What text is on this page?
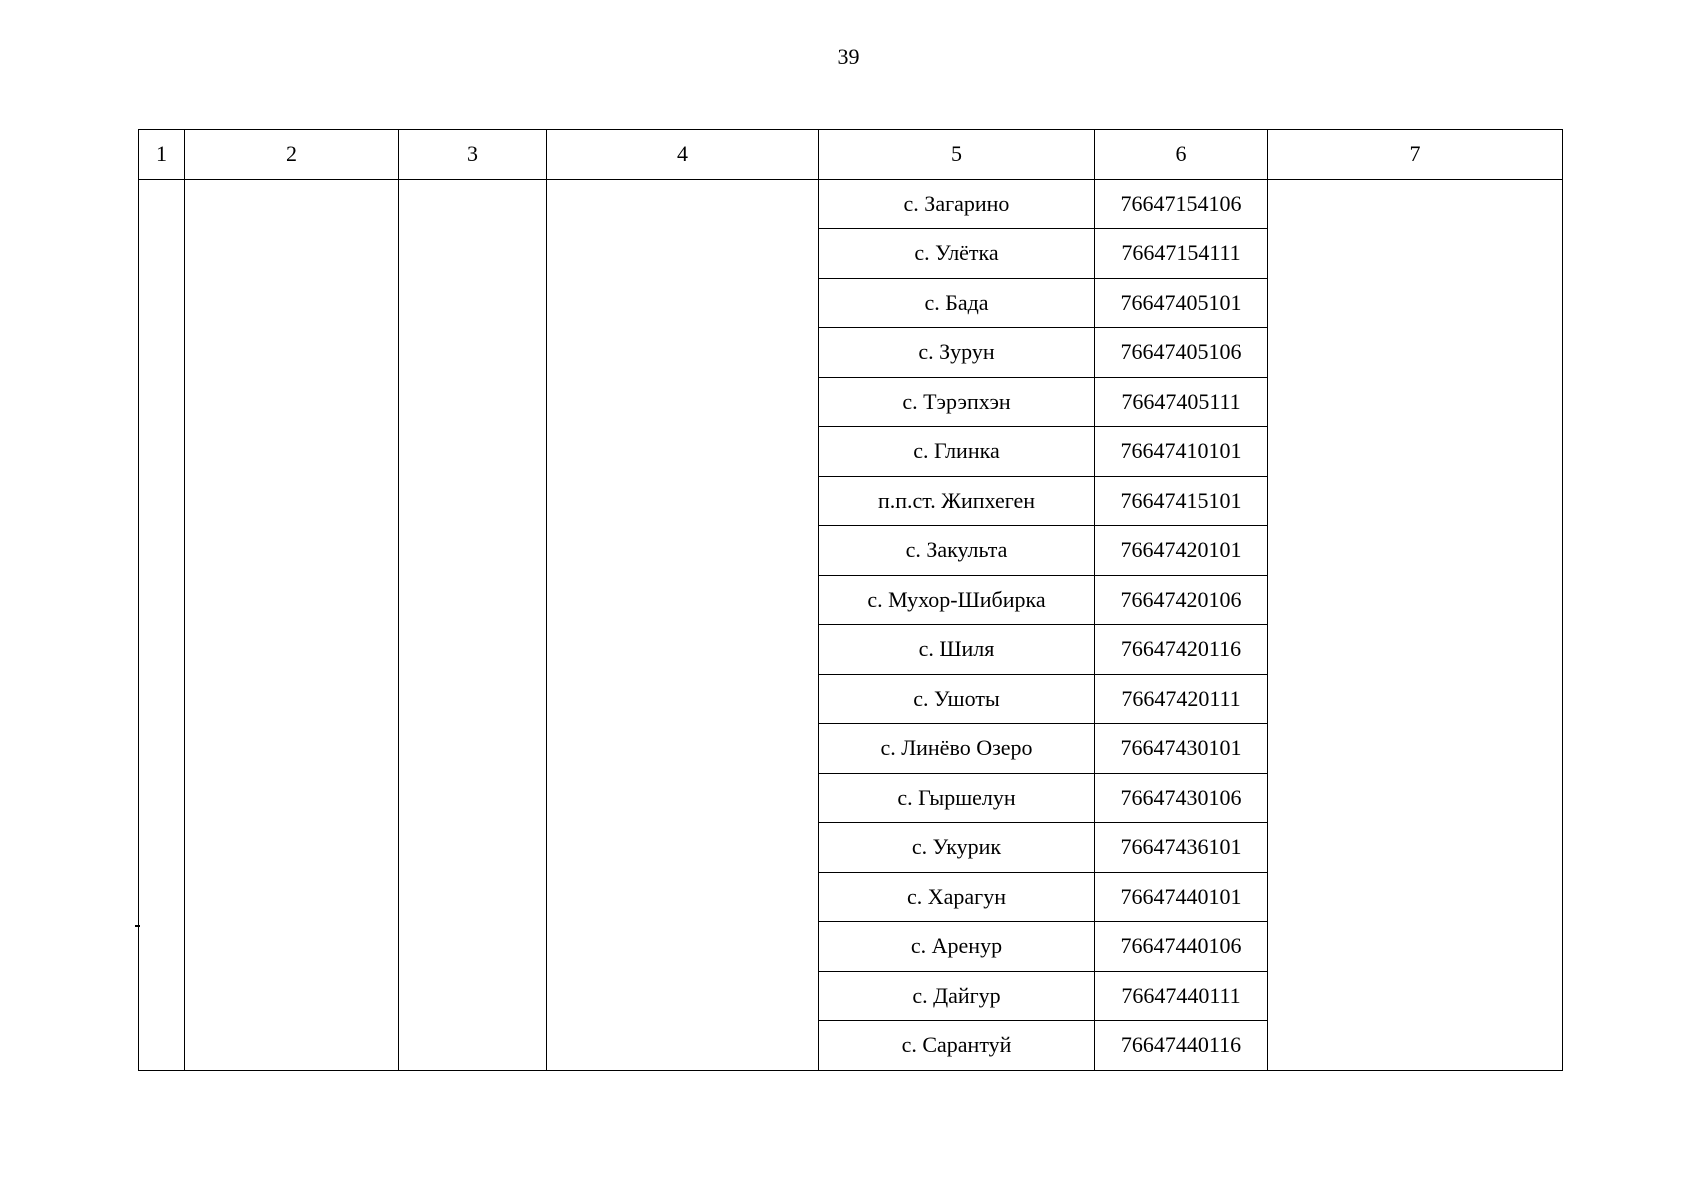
39
1	2	3	4	5	6	7
				с. Загарино	76647154106	
				с. Улётка	76647154111	
				с. Бада	76647405101	
				с. Зурун	76647405106	
				с. Тэрэпхэн	76647405111	
				с. Глинка	76647410101	
				п.п.ст. Жипхеген	76647415101	
				с. Закульта	76647420101	
				с. Мухор-Шибирка	76647420106	
				с. Шиля	76647420116	
				с. Ушоты	76647420111	
				с. Линёво Озеро	76647430101	
				с. Гыршелун	76647430106	
				с. Укурик	76647436101	
				с. Харагун	76647440101	
				с. Аренур	76647440106	
				с. Дайгур	76647440111	
				с. Сарантуй	76647440116	
